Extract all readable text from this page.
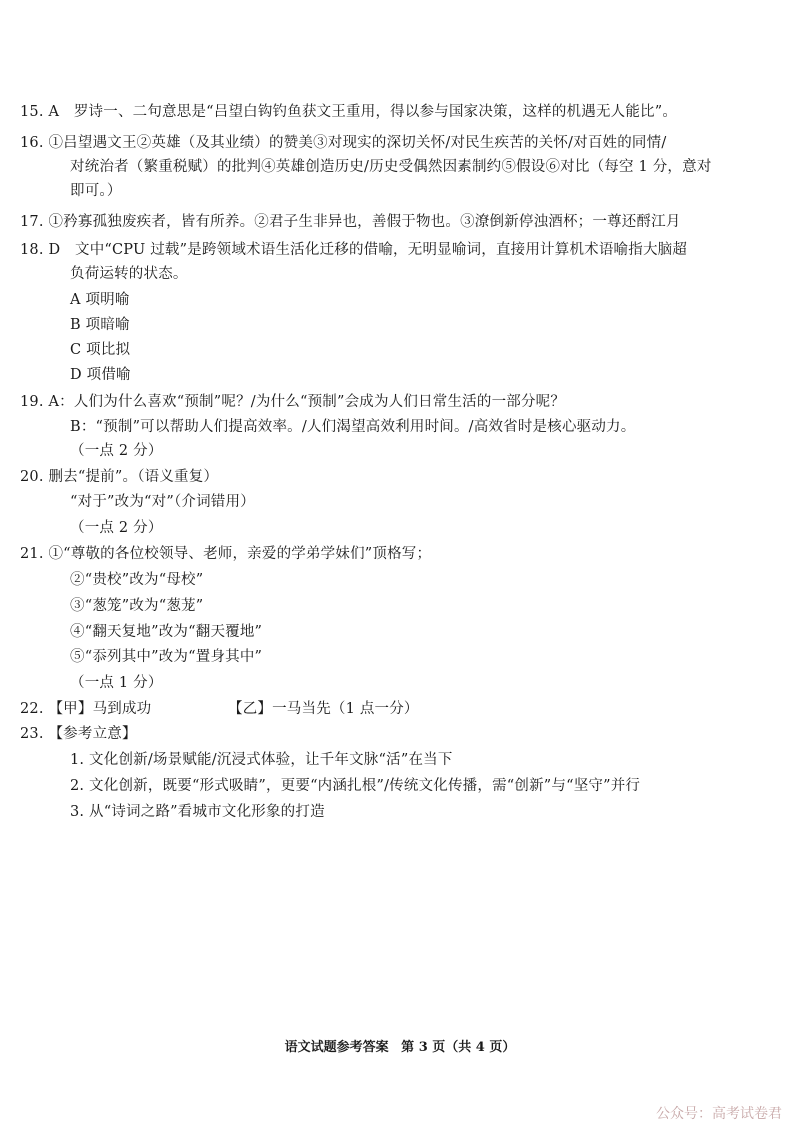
15. A　罗诗一、二句意思是“吕望白钩钓鱼获文王重用，得以参与国家决策，这样的机遇无人能比”。
16. ①吕望遇文王②英雄（及其业绩）的赞美③对现实的深切关怀/对民生疾苦的关怀/对百姓的同情/
对统治者（繁重税赋）的批判④英雄创造历史/历史受偶然因素制约⑤假设⑥对比（每空 1 分，意对
即可。）
17. ①矜寡孤独废疾者，皆有所养。②君子生非异也，善假于物也。③潦倒新停浊酒杯；一尊还酹江月
18. D　文中“CPU 过载”是跨领域术语生活化迁移的借喻，无明显喻词，直接用计算机术语喻指大脑超
负荷运转的状态。
A 项明喻
B 项暗喻
C 项比拟
D 项借喻
19. A：人们为什么喜欢“预制”呢？/为什么“预制”会成为人们日常生活的一部分呢？
B：“预制”可以帮助人们提高效率。/人们渴望高效利用时间。/高效省时是核心驱动力。
（一点 2 分）
20. 删去“提前”。（语义重复）
“对于”改为“对”（介词错用）
（一点 2 分）
21. ①“尊敬的各位校领导、老师，亲爱的学弟学妹们”顶格写；
②“贵校”改为“母校”
③“葱笼”改为“葱茏”
④“翻天复地”改为“翻天覆地”
⑤“忝列其中”改为“置身其中”
（一点 1 分）
22. 【甲】马到成功	【乙】一马当先（1 点一分）
23. 【参考立意】
1. 文化创新/场景赋能/沉浸式体验，让千年文脉“活”在当下
2. 文化创新，既要“形式吸睛”，更要“内涵扎根”/传统文化传播，需“创新”与“坚守”并行
3. 从“诗词之路”看城市文化形象的打造
语文试题参考答案 第 3 页（共 4 页）
公众号：高考试卷君
